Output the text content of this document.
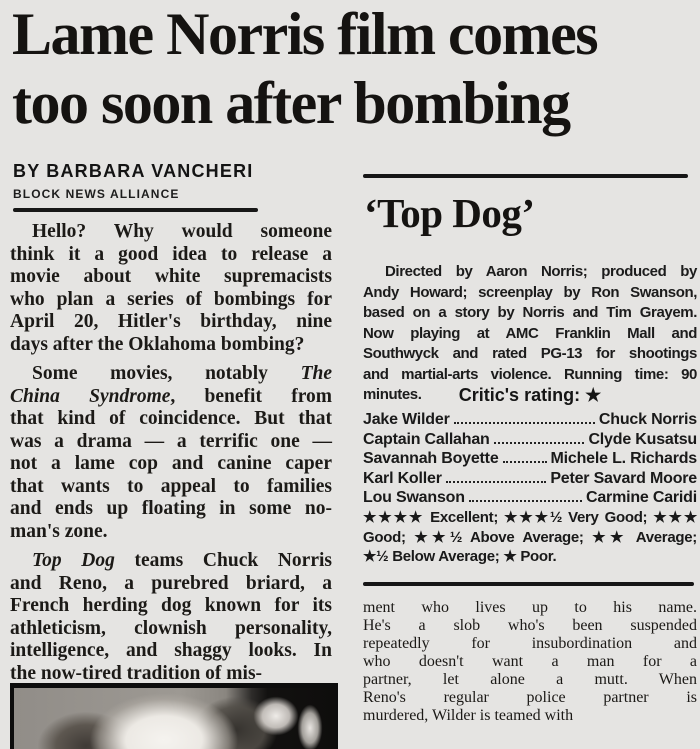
Lame Norris film comes
too soon after bombing
BY BARBARA VANCHERI
BLOCK NEWS ALLIANCE
Hello? Why would someone
think it a good idea to release a
movie about white supremacists
who plan a series of bombings for
April 20, Hitler's birthday, nine
days after the Oklahoma bombing?
Some movies, notably The
China Syndrome, benefit from
that kind of coincidence. But that
was a drama — a terrific one —
not a lame cop and canine caper
that wants to appeal to families
and ends up floating in some no-
man's zone.
Top Dog teams Chuck Norris
and Reno, a purebred briard, a
French herding dog known for its
athleticism, clownish personality,
intelligence, and shaggy looks. In
the now-tired tradition of mis-
‘Top Dog’
Directed by Aaron Norris; produced by
Andy Howard; screenplay by Ron Swanson,
based on a story by Norris and Tim Grayem.
Now playing at AMC Franklin Mall and
Southwyck and rated PG-13 for shootings
and martial-arts violence. Running time: 90
minutes.	Critic's rating: ★
Jake Wilder	Chuck Norris
Captain Callahan	Clyde Kusatsu
Savannah Boyette	Michele L. Richards
Karl Koller	Peter Savard Moore
Lou Swanson	Carmine Caridi
★★★★ Excellent; ★★★½ Very Good; ★★★
Good; ★★½ Above Average; ★★ Average;
★½ Below Average; ★ Poor.
ment who lives up to his name.
He's a slob who's been suspended
repeatedly for insubordination and
who doesn't want a man for a
partner, let alone a mutt. When
Reno's regular police partner is
murdered, Wilder is teamed with
